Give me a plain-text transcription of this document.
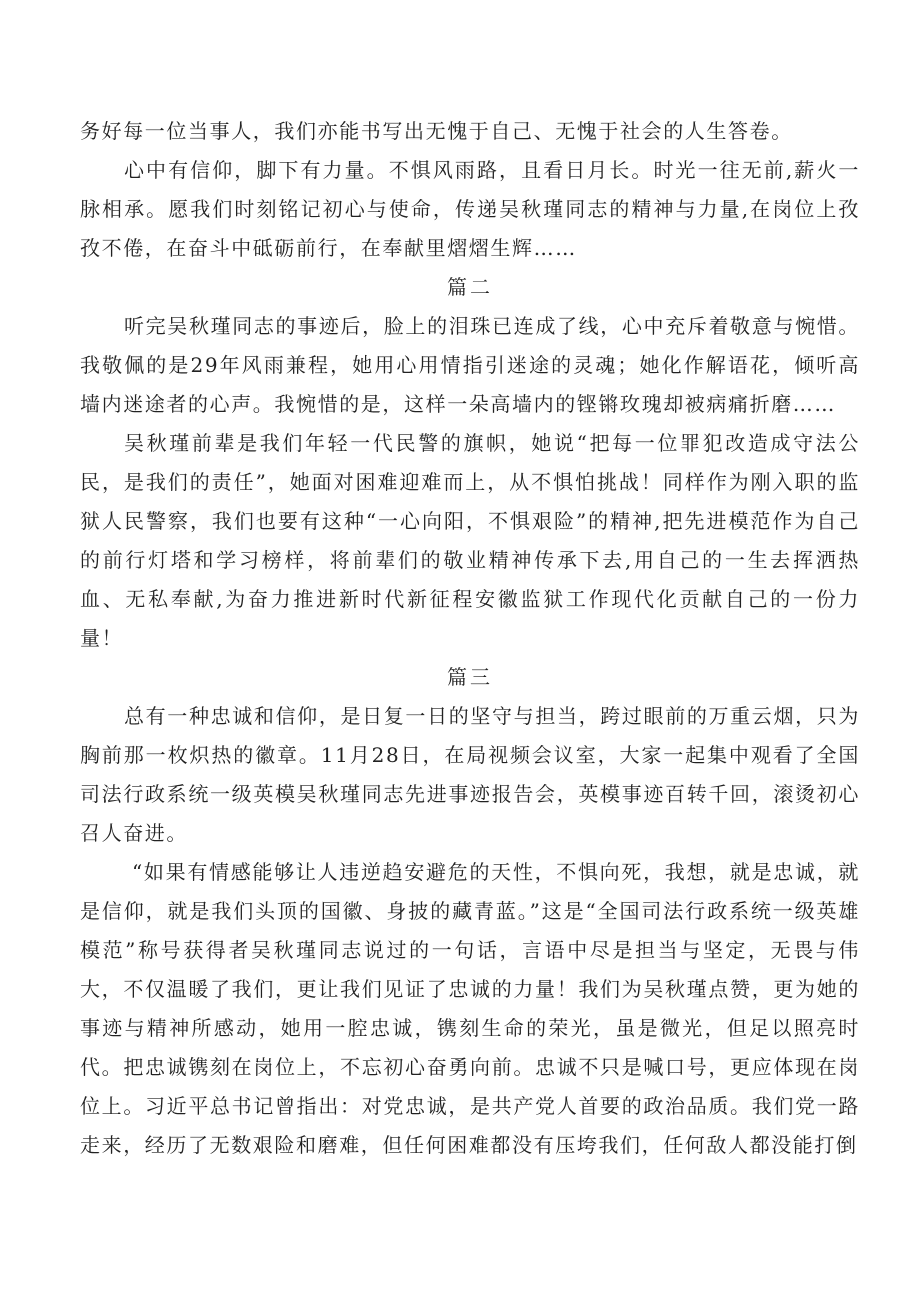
务好每一位当事人，我们亦能书写出无愧于自己、无愧于社会的人生答卷。

心中有信仰，脚下有力量。不惧风雨路，且看日月长。时光一往无前,薪火一脉相承。愿我们时刻铭记初心与使命，传递吴秋瑾同志的精神与力量,在岗位上孜孜不倦，在奋斗中砥砺前行，在奉献里熠熠生辉……

篇二

听完吴秋瑾同志的事迹后，脸上的泪珠已连成了线，心中充斥着敬意与惋惜。我敬佩的是29年风雨兼程，她用心用情指引迷途的灵魂；她化作解语花，倾听高墙内迷途者的心声。我惋惜的是，这样一朵高墙内的铿锵玫瑰却被病痛折磨……

吴秋瑾前辈是我们年轻一代民警的旗帜，她说“把每一位罪犯改造成守法公民，是我们的责任”，她面对困难迎难而上，从不惧怕挑战！同样作为刚入职的监狱人民警察，我们也要有这种“一心向阳，不惧艰险”的精神,把先进模范作为自己的前行灯塔和学习榜样，将前辈们的敬业精神传承下去,用自己的一生去挥洒热血、无私奉献,为奋力推进新时代新征程安徽监狱工作现代化贡献自己的一份力量！

篇三

总有一种忠诚和信仰，是日复一日的坚守与担当，跨过眼前的万重云烟，只为胸前那一枚炽热的徽章。11月28日，在局视频会议室，大家一起集中观看了全国司法行政系统一级英模吴秋瑾同志先进事迹报告会，英模事迹百转千回，滚烫初心召人奋进。

“如果有情感能够让人违逆趋安避危的天性，不惧向死，我想，就是忠诚，就是信仰，就是我们头顶的国徽、身披的藏青蓝。”这是“全国司法行政系统一级英雄模范”称号获得者吴秋瑾同志说过的一句话，言语中尽是担当与坚定，无畏与伟大，不仅温暖了我们，更让我们见证了忠诚的力量！我们为吴秋瑾点赞，更为她的事迹与精神所感动，她用一腔忠诚，镌刻生命的荣光，虽是微光，但足以照亮时代。把忠诚镌刻在岗位上，不忘初心奋勇向前。忠诚不只是喊口号，更应体现在岗位上。习近平总书记曾指出：对党忠诚，是共产党人首要的政治品质。我们党一路走来，经历了无数艰险和磨难，但任何困难都没有压垮我们，任何敌人都没能打倒
